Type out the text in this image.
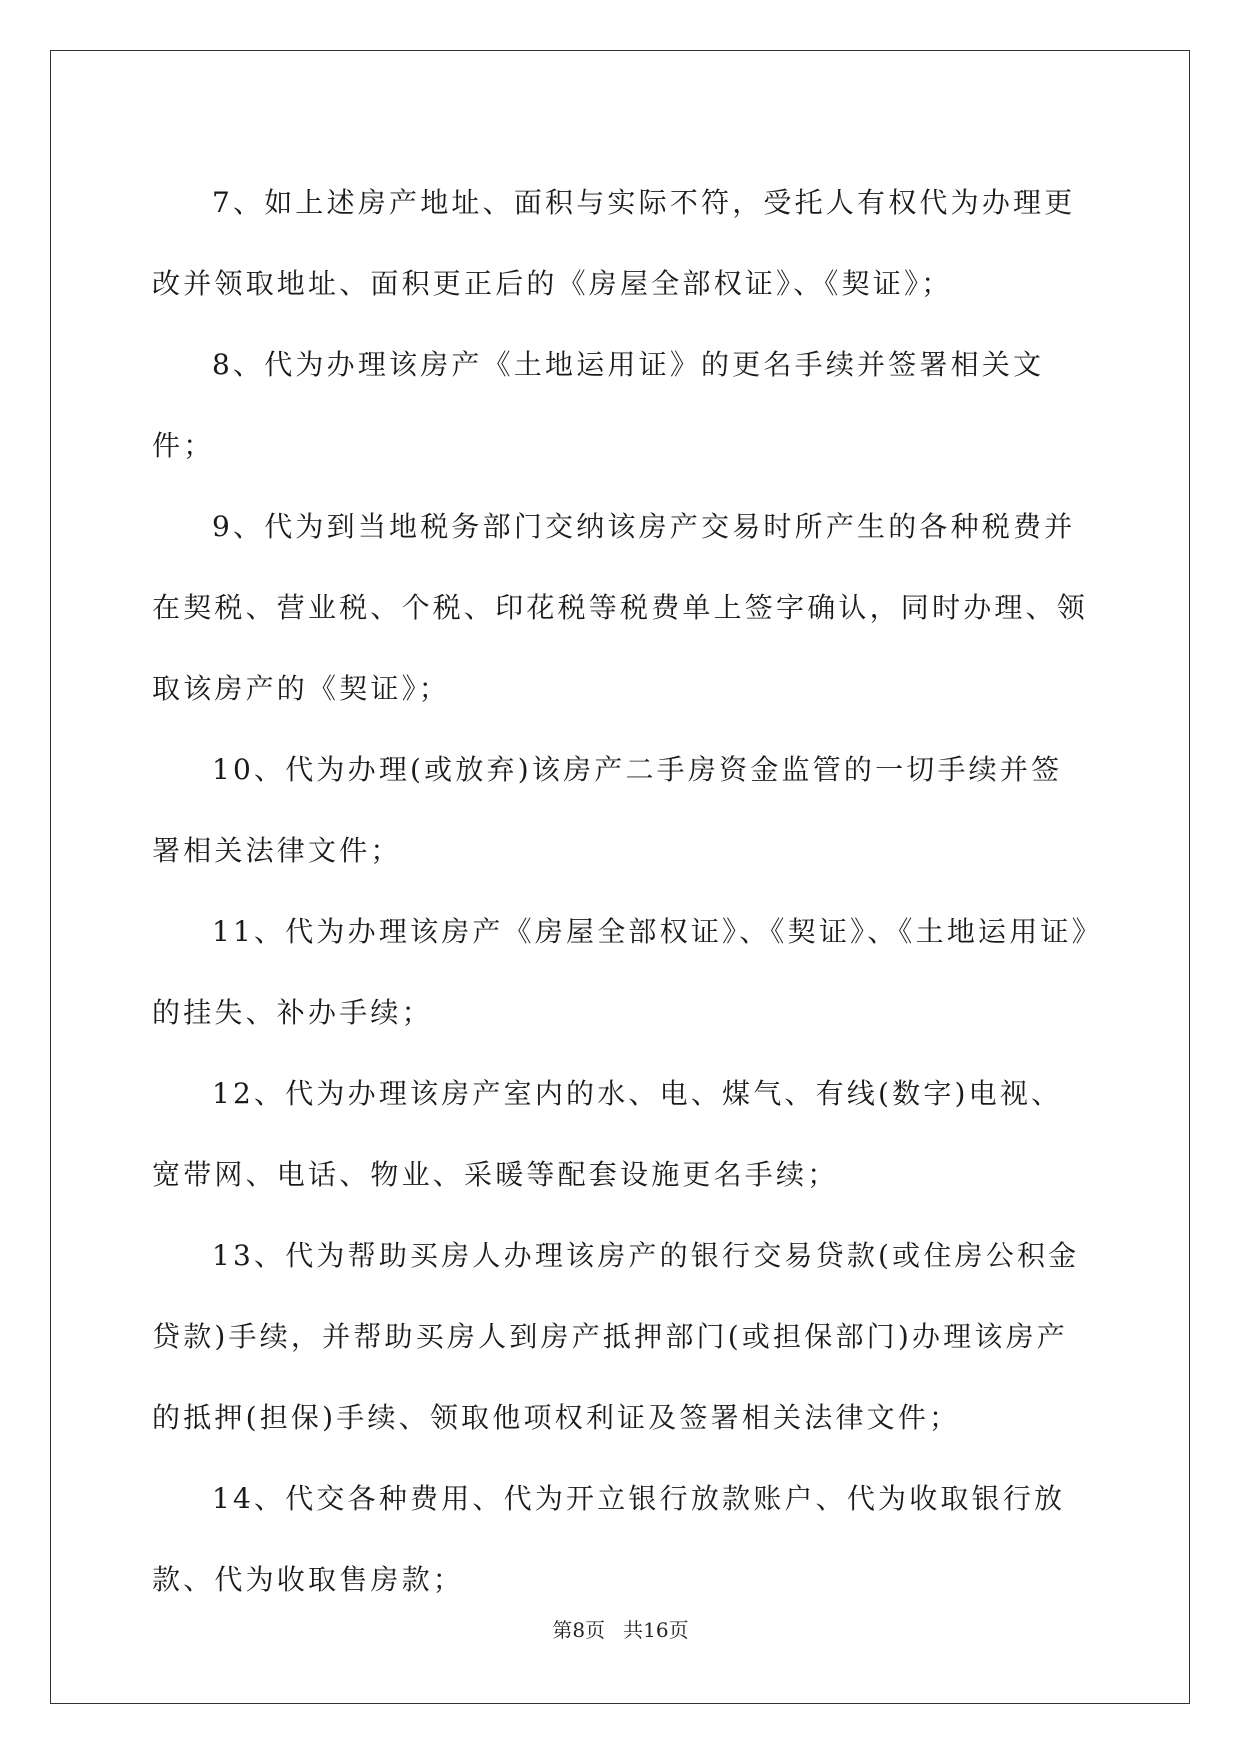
7、如上述房产地址、面积与实际不符，受托人有权代为办理更改并领取地址、面积更正后的《房屋全部权证》、《契证》；

8、代为办理该房产《土地运用证》的更名手续并签署相关文件；

9、代为到当地税务部门交纳该房产交易时所产生的各种税费并在契税、营业税、个税、印花税等税费单上签字确认，同时办理、领取该房产的《契证》；

10、代为办理(或放弃)该房产二手房资金监管的一切手续并签署相关法律文件；

11、代为办理该房产《房屋全部权证》、《契证》、《土地运用证》的挂失、补办手续；

12、代为办理该房产室内的水、电、煤气、有线(数字)电视、宽带网、电话、物业、采暖等配套设施更名手续；

13、代为帮助买房人办理该房产的银行交易贷款(或住房公积金贷款)手续，并帮助买房人到房产抵押部门(或担保部门)办理该房产的抵押(担保)手续、领取他项权利证及签署相关法律文件；

14、代交各种费用、代为开立银行放款账户、代为收取银行放款、代为收取售房款；

第8页 共16页
